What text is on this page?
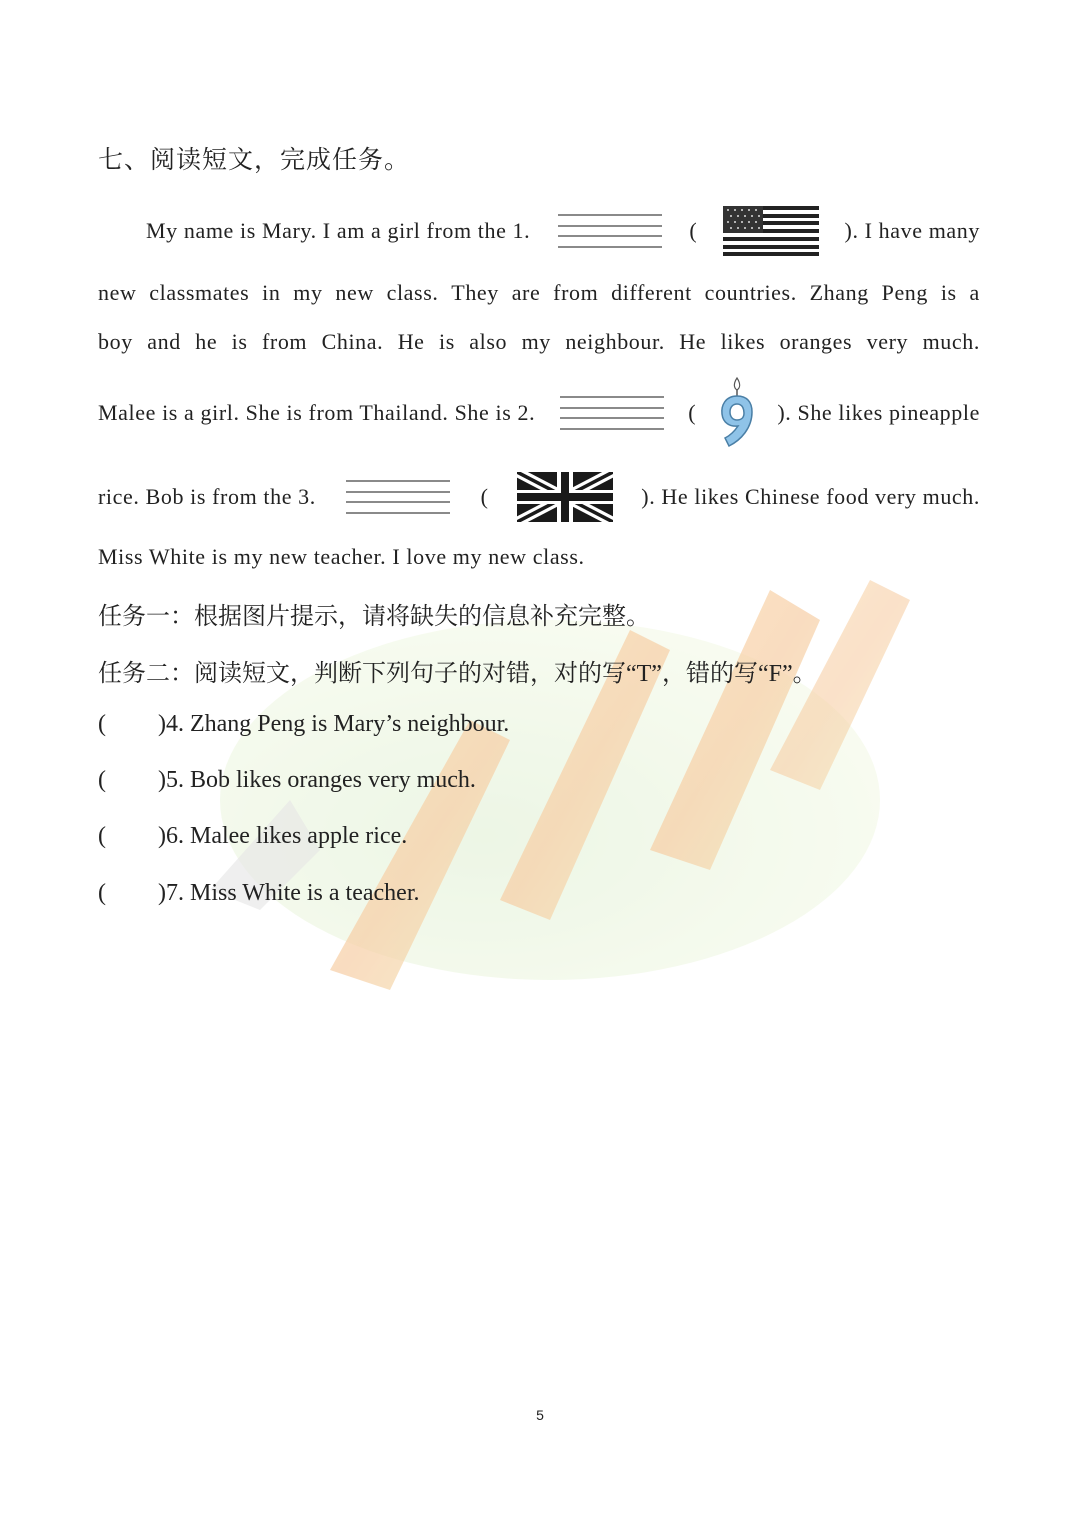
七、阅读短文，完成任务。
My name is Mary. I am a girl from the 1.	(	). I have many
new classmates in my new class. They are from different countries. Zhang Peng is a
boy and he is from China. He is also my neighbour. He likes oranges very much.
Malee is a girl. She is from Thailand. She is 2.	(	). She likes pineapple
rice. Bob is from the 3.	(	). He likes Chinese food very much.
Miss White is my new teacher. I love my new class.
任务一：根据图片提示，请将缺失的信息补充完整。
任务二：阅读短文，判断下列句子的对错，对的写“T”，错的写“F”。
(	)4. Zhang Peng is Mary’s neighbour.
(	)5. Bob likes oranges very much.
(	)6. Malee likes apple rice.
(	)7. Miss White is a teacher.
5
